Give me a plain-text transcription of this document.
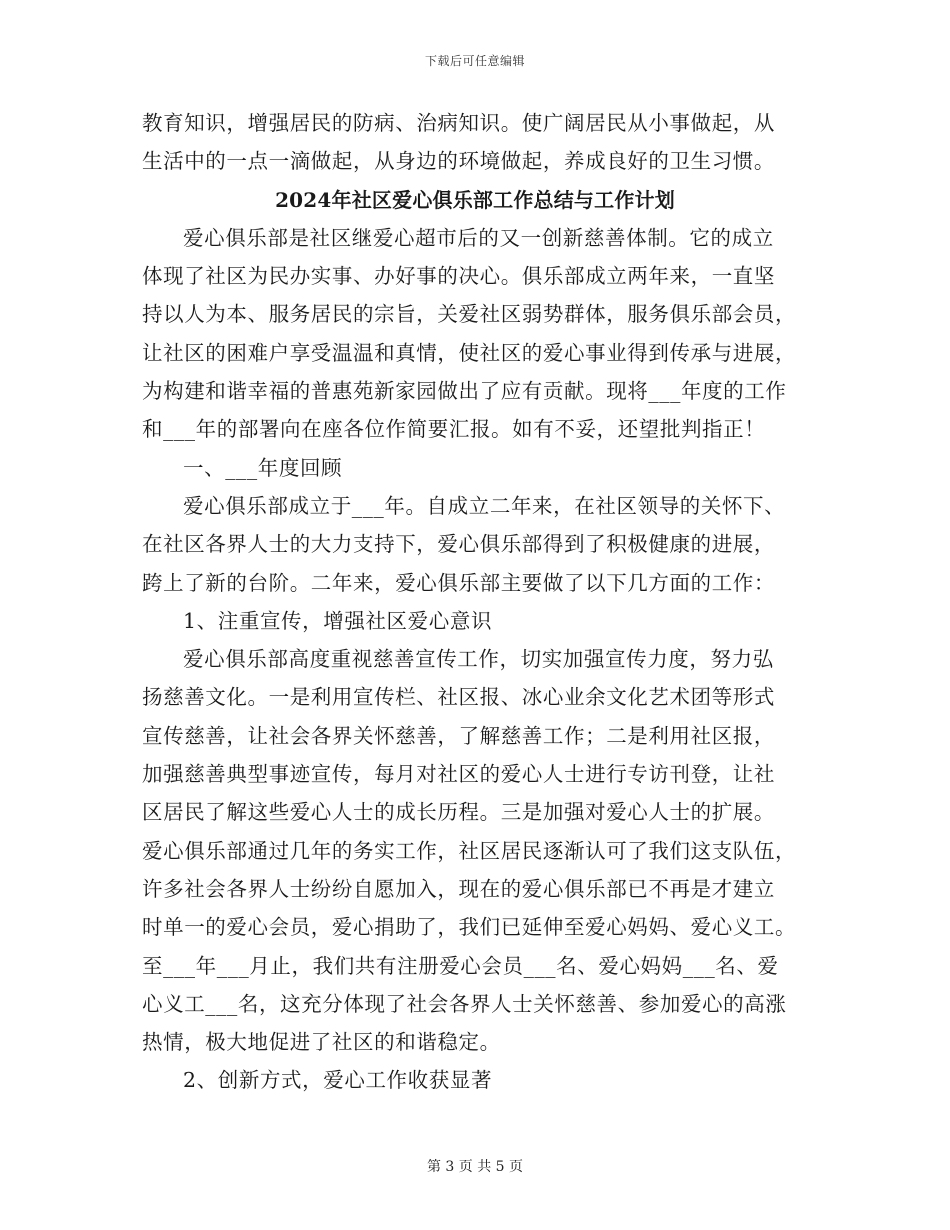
下载后可任意编辑
教育知识，增强居民的防病、治病知识。使广阔居民从小事做起，从
生活中的一点一滴做起，从身边的环境做起，养成良好的卫生习惯。
2024年社区爱心俱乐部工作总结与工作计划
爱心俱乐部是社区继爱心超市后的又一创新慈善体制。它的成立
体现了社区为民办实事、办好事的决心。俱乐部成立两年来，一直坚
持以人为本、服务居民的宗旨，关爱社区弱势群体，服务俱乐部会员，
让社区的困难户享受温温和真情，使社区的爱心事业得到传承与进展，
为构建和谐幸福的普惠苑新家园做出了应有贡献。现将___年度的工作
和___年的部署向在座各位作简要汇报。如有不妥，还望批判指正！
一、___年度回顾
爱心俱乐部成立于___年。自成立二年来，在社区领导的关怀下、
在社区各界人士的大力支持下，爱心俱乐部得到了积极健康的进展，
跨上了新的台阶。二年来，爱心俱乐部主要做了以下几方面的工作：
1、注重宣传，增强社区爱心意识
爱心俱乐部高度重视慈善宣传工作，切实加强宣传力度，努力弘
扬慈善文化。一是利用宣传栏、社区报、冰心业余文化艺术团等形式
宣传慈善，让社会各界关怀慈善，了解慈善工作；二是利用社区报，
加强慈善典型事迹宣传，每月对社区的爱心人士进行专访刊登，让社
区居民了解这些爱心人士的成长历程。三是加强对爱心人士的扩展。
爱心俱乐部通过几年的务实工作，社区居民逐渐认可了我们这支队伍，
许多社会各界人士纷纷自愿加入，现在的爱心俱乐部已不再是才建立
时单一的爱心会员，爱心捐助了，我们已延伸至爱心妈妈、爱心义工。
至___年___月止，我们共有注册爱心会员___名、爱心妈妈___名、爱
心义工___名，这充分体现了社会各界人士关怀慈善、参加爱心的高涨
热情，极大地促进了社区的和谐稳定。
2、创新方式，爱心工作收获显著
第 3 页 共 5 页
